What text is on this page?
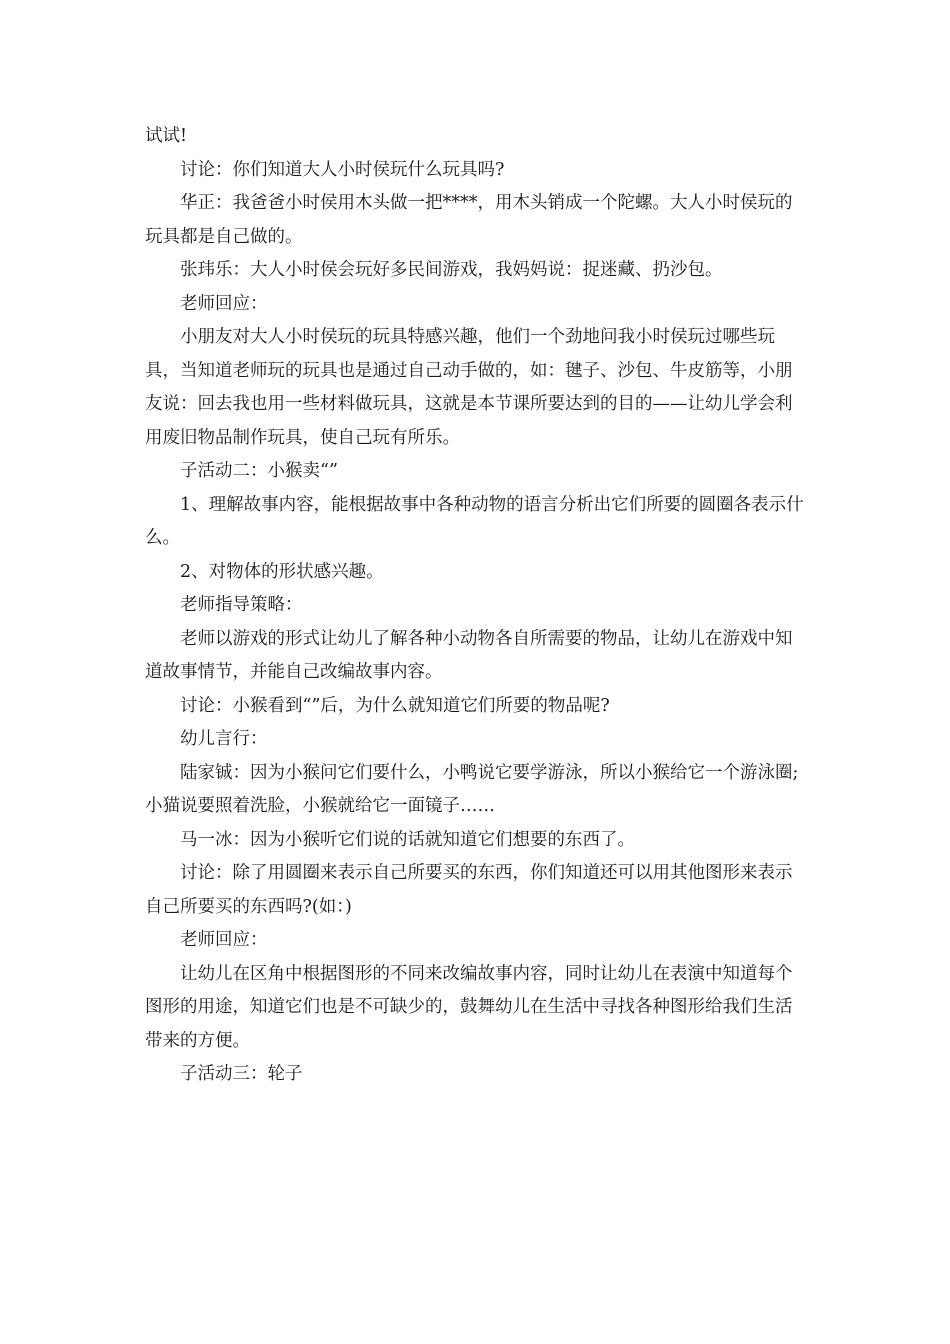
试试!

讨论：你们知道大人小时侯玩什么玩具吗?

华正：我爸爸小时侯用木头做一把****，用木头销成一个陀螺。大人小时侯玩的玩具都是自己做的。

张玮乐：大人小时侯会玩好多民间游戏，我妈妈说：捉迷藏、扔沙包。

老师回应：

小朋友对大人小时侯玩的玩具特感兴趣，他们一个劲地问我小时侯玩过哪些玩具，当知道老师玩的玩具也是通过自己动手做的，如：毽子、沙包、牛皮筋等，小朋友说：回去我也用一些材料做玩具，这就是本节课所要达到的目的——让幼儿学会利用废旧物品制作玩具，使自己玩有所乐。

子活动二：小猴卖“”

1、理解故事内容，能根据故事中各种动物的语言分析出它们所要的圆圈各表示什么。

2、对物体的形状感兴趣。

老师指导策略：

老师以游戏的形式让幼儿了解各种小动物各自所需要的物品，让幼儿在游戏中知道故事情节，并能自己改编故事内容。

讨论：小猴看到“”后，为什么就知道它们所要的物品呢?

幼儿言行：

陆家铖：因为小猴问它们要什么，小鸭说它要学游泳，所以小猴给它一个游泳圈;小猫说要照着洗脸，小猴就给它一面镜子……

马一冰：因为小猴听它们说的话就知道它们想要的东西了。

讨论：除了用圆圈来表示自己所要买的东西，你们知道还可以用其他图形来表示自己所要买的东西吗?(如：)

老师回应：

让幼儿在区角中根据图形的不同来改编故事内容，同时让幼儿在表演中知道每个图形的用途，知道它们也是不可缺少的，鼓舞幼儿在生活中寻找各种图形给我们生活带来的方便。

子活动三：轮子
